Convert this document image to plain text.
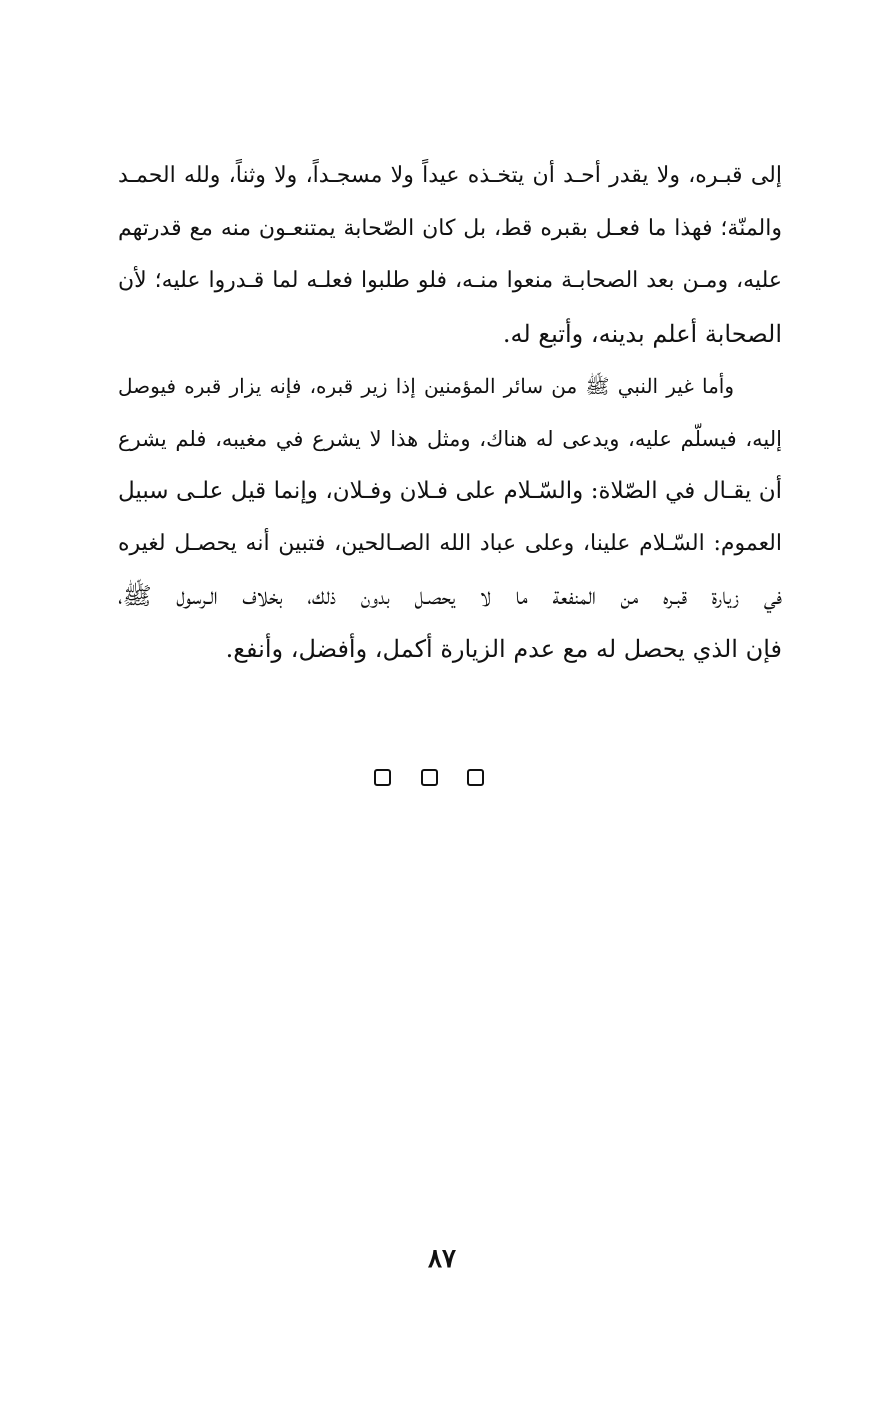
إلى قبـره، ولا يقدر أحـد أن يتخـذه عيداً ولا مسجـداً، ولا وثناً، ولله الحمـد
والمنّة؛ فهذا ما فعـل بقبره قط، بل كان الصّحابة يمتنعـون منه مع قدرتهم
عليه، ومـن بعد الصحابـة منعوا منـه، فلو طلبوا فعلـه لما قـدروا عليه؛ لأن
الصحابة أعلم بدينه، وأتبع له.
وأما غير النبي ﷺ من سائر المؤمنين إذا زير قبره، فإنه يزار قبره فيوصل
إليه، فيسلّم عليه، ويدعى له هناك، ومثل هذا لا يشرع في مغيبه، فلم يشرع
أن يقـال في الصّلاة: والسّـلام على فـلان وفـلان، وإنما قيل علـى سبيل
العموم: السّـلام علينا، وعلى عباد الله الصـالحين، فتبين أنه يحصـل لغيره
في زيارة قبـره من المنفعة ما لا يحصـل بدون ذلك، بخلاف الـرسول ﷺ،
فإن الذي يحصل له مع عدم الزيارة أكمل، وأفضل، وأنفع.
٨٧
